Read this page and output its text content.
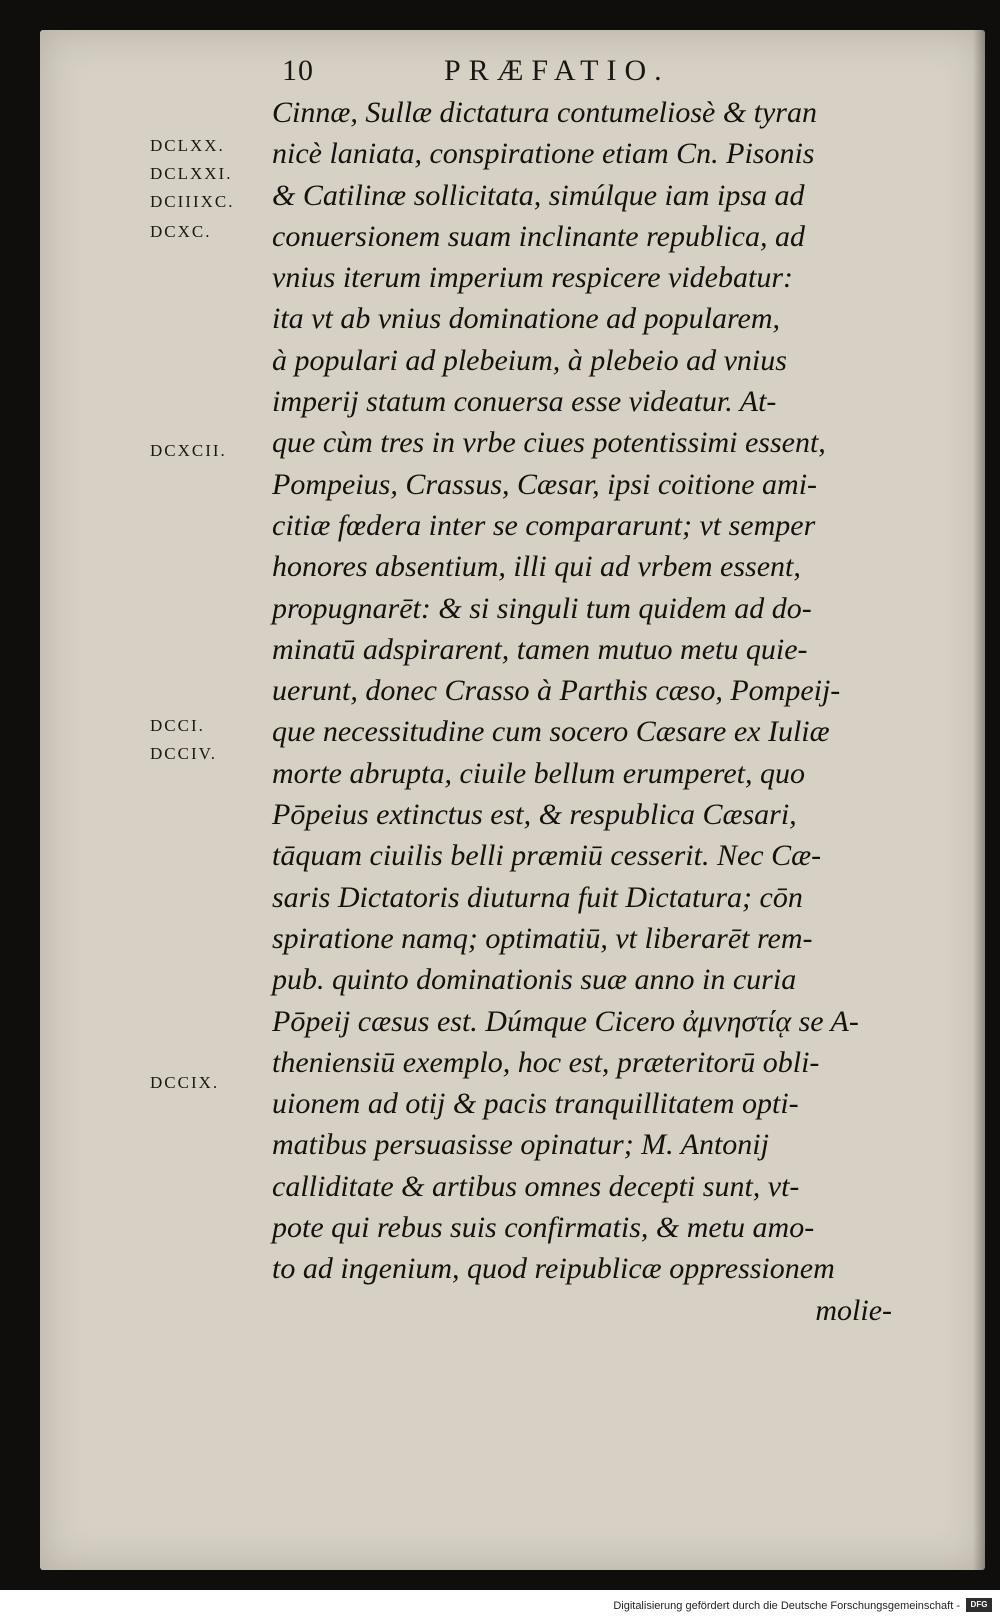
10	PRÆFATIO.
DCLXX.
DCLXXI.
DCIIIXC.
DCXC.
DCXCII.
DCCI.
DCCIV.
DCCIX.
Cinnæ, Sullæ dictatura contumeliosè & tyran
nicè laniata, conspiratione etiam Cn. Pisonis
& Catilinæ sollicitata, simúlque iam ipsa ad
conuersionem suam inclinante republica, ad
vnius iterum imperium respicere videbatur:
ita vt ab vnius dominatione ad popularem,
à populari ad plebeium, à plebeio ad vnius
imperij statum conuersa esse videatur. At-
que cùm tres in vrbe ciues potentissimi essent,
Pompeius, Crassus, Cæsar, ipsi coitione ami-
citiæ fœdera inter se compararunt; vt semper
honores absentium, illi qui ad vrbem essent,
propugnarēt: & si singuli tum quidem ad do-
minatū adspirarent, tamen mutuo metu quie-
uerunt, donec Crasso à Parthis cæso, Pompeij-
que necessitudine cum socero Cæsare ex Iuliæ
morte abrupta, ciuile bellum erumperet, quo
Pōpeius extinctus est, & respublica Cæsari,
tāquam ciuilis belli præmiū cesserit. Nec Cæ-
saris Dictatoris diuturna fuit Dictatura; cōn
spiratione namq; optimatiū, vt liberarēt rem-
pub. quinto dominationis suæ anno in curia
Pōpeij cæsus est. Dúmque Cicero ἀμνηστίᾳ se A-
theniensiū exemplo, hoc est, præteritorū obli-
uionem ad otij & pacis tranquillitatem opti-
matibus persuasisse opinatur; M. Antonij
calliditate & artibus omnes decepti sunt, vt-
pote qui rebus suis confirmatis, & metu amo-
to ad ingenium, quod reipublicæ oppressionem
molie-
Digitalisierung gefördert durch die Deutsche Forschungsgemeinschaft -	DFG
